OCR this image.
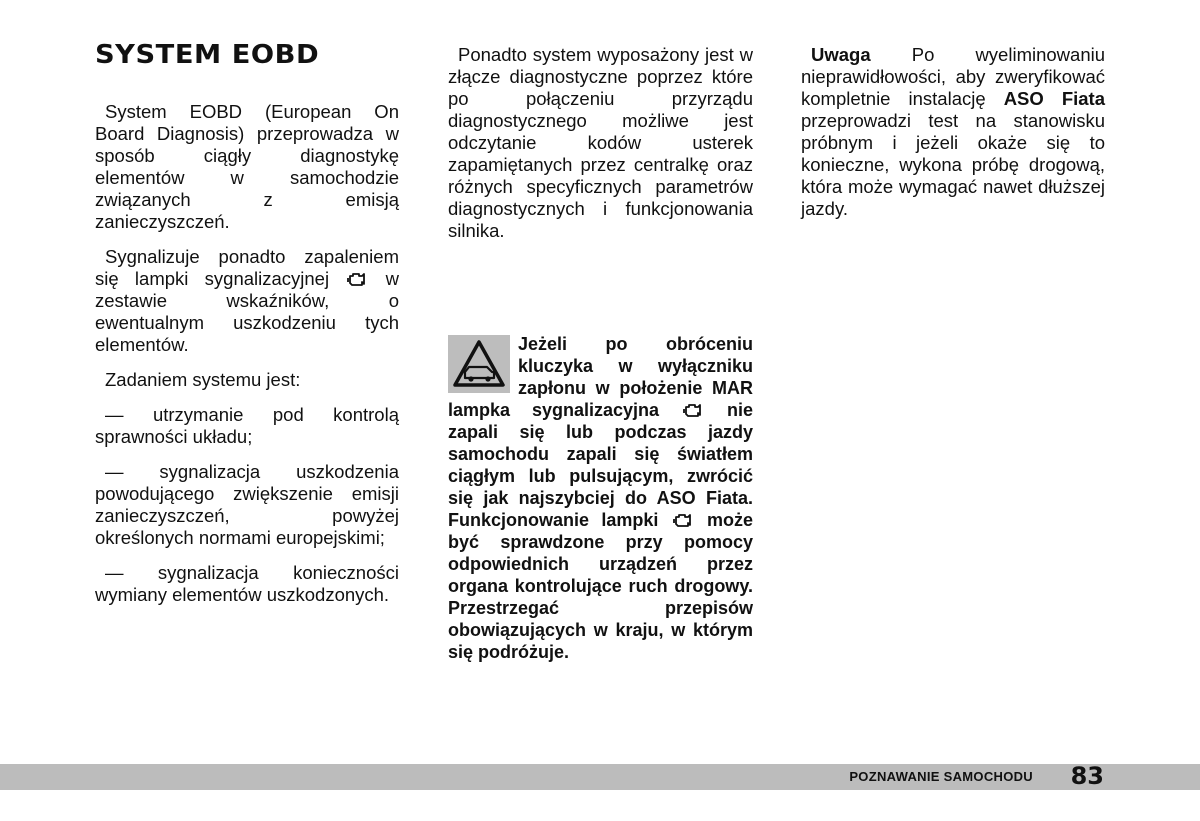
SYSTEM EOBD

System EOBD (European On Board Diagnosis) przeprowadza w sposób ciągły diagnostykę elementów w samochodzie związanych z emisją zanieczyszczeń.

Sygnalizuje ponadto zapaleniem się lampki sygnalizacyjnej	w zestawie wskaźników, o ewentualnym uszkodzeniu tych elementów.

Zadaniem systemu jest:

— utrzymanie pod kontrolą sprawności układu;

— sygnalizacja uszkodzenia powodującego zwiększenie emisji zanieczyszczeń, powyżej określonych normami europejskimi;

— sygnalizacja konieczności wymiany elementów uszkodzonych.

Ponadto system wyposażony jest w złącze diagnostyczne poprzez które po połączeniu przyrządu diagnostycznego możliwe jest odczytanie kodów usterek zapamiętanych przez centralkę oraz różnych specyficznych parametrów diagnostycznych i funkcjonowania silnika.

Jeżeli po obróceniu kluczyka w wyłączniku zapłonu w położenie MAR lampka sygnalizacyjna	nie zapali się lub podczas jazdy samochodu zapali się światłem ciągłym lub pulsującym, zwrócić się jak najszybciej do ASO Fiata. Funkcjonowanie lampki	może być sprawdzone przy pomocy odpowiednich urządzeń przez organa kontrolujące ruch drogowy. Przestrzegać przepisów obowiązujących w kraju, w którym się podróżuje.

Uwaga Po wyeliminowaniu nieprawidłowości, aby zweryfikować kompletnie instalację ASO Fiata przeprowadzi test na stanowisku próbnym i jeżeli okaże się to konieczne, wykona próbę drogową, która może wymagać nawet dłuższej jazdy.

POZNAWANIE SAMOCHODU 83
